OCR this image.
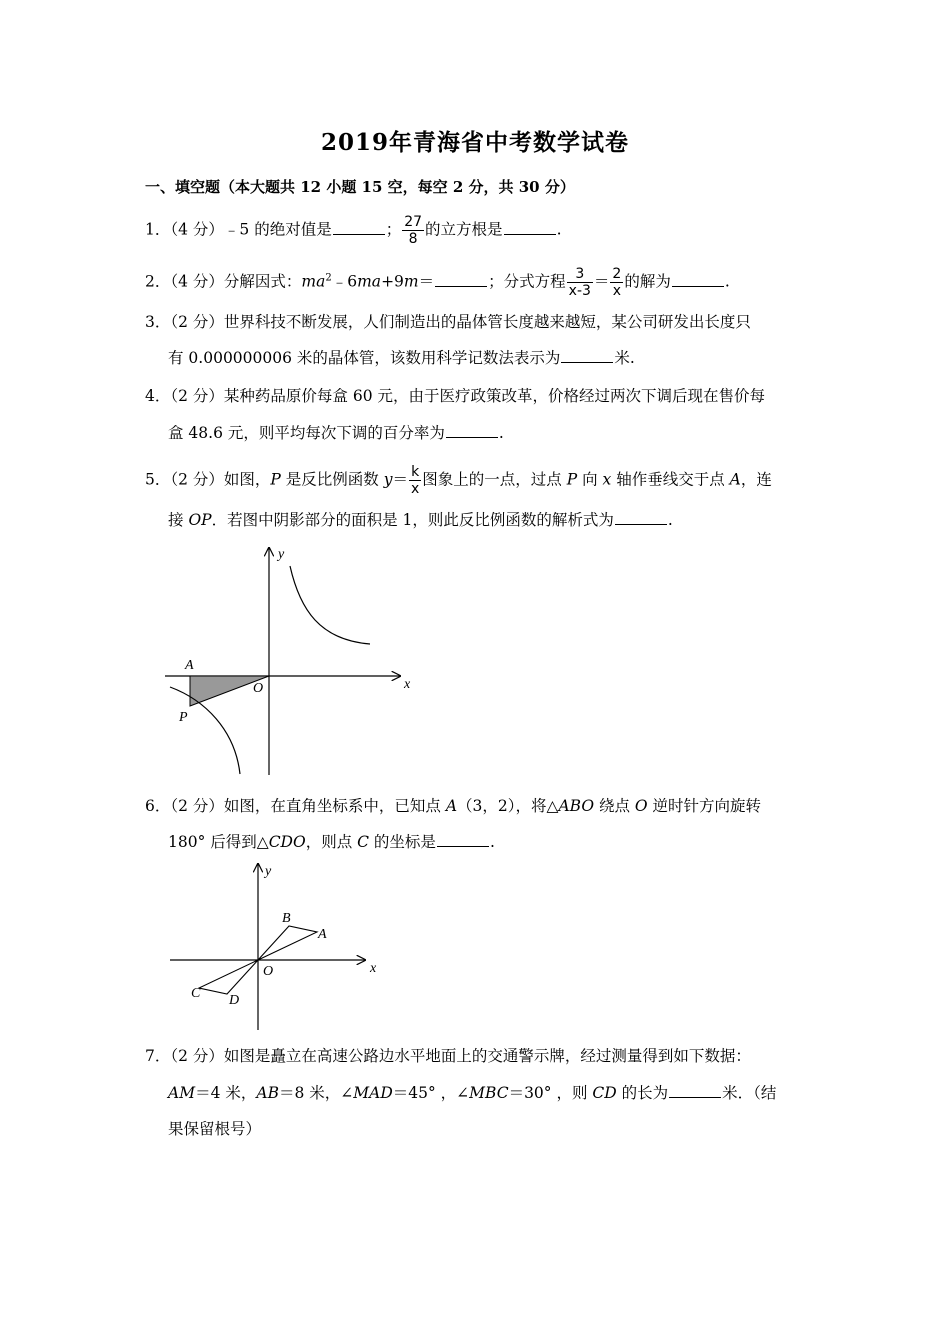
2019年青海省中考数学试卷
一、填空题（本大题共 12 小题 15 空，每空 2 分，共 30 分）
1．（4 分）﹣5 的绝对值是	； $\frac{27}{8}$ 的立方根是	.
2．（4 分）分解因式：$ma^2﹣6ma+9m=$	；分式方程 $\frac{3}{x-3} = \frac{2}{x}$ 的解为	.
3．（2 分）世界科技不断发展，人们制造出的晶体管长度越来越短，某公司研发出长度只
有 0.000000006 米的晶体管，该数用科学记数法表示为	米.
4．（2 分）某种药品原价每盒 60 元，由于医疗政策改革，价格经过两次下调后现在售价每
盒 48.6 元，则平均每次下调的百分率为	.
5．（2 分）如图，P 是反比例函数 $y= \frac{k}{x}$ 图象上的一点，过点 P 向 x 轴作垂线交于点 A，连
接 OP．若图中阴影部分的面积是 1，则此反比例函数的解析式为	.
y
x
A
O
P
6．（2 分）如图，在直角坐标系中，已知点 A（3，2），将△ABO 绕点 O 逆时针方向旋转
180° 后得到△CDO，则点 C 的坐标是	.
y
x
B
A
O
C D
7．（2 分）如图是矗立在高速公路边水平地面上的交通警示牌，经过测量得到如下数据：
AM＝4 米，AB＝8 米，∠MAD＝45° ，∠MBC＝30° ，则 CD 的长为	米．（结
果保留根号）
